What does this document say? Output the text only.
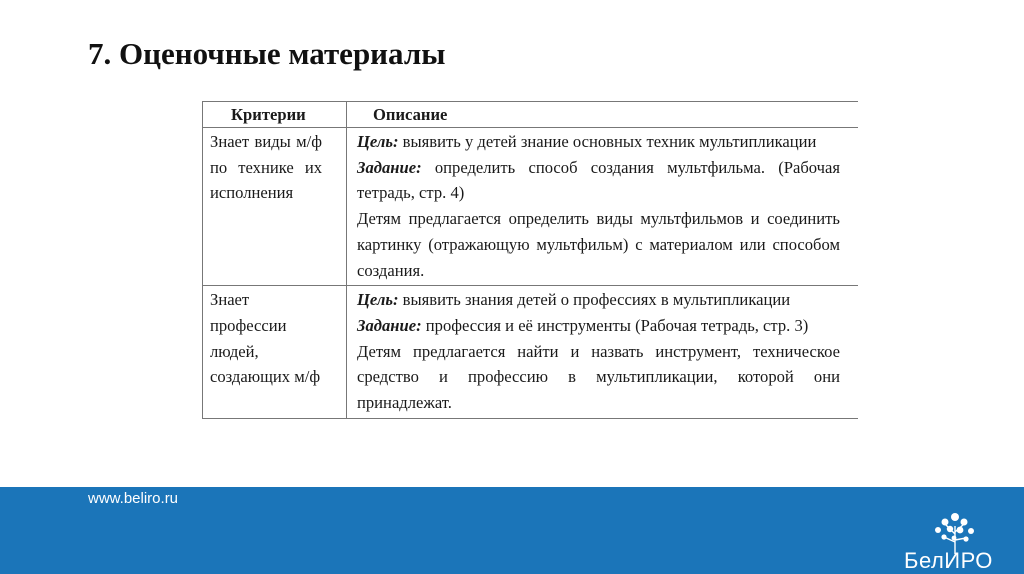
7. Оценочные материалы
Критерии	Описание

Знает виды м/ф по технике их исполнения	Цель: выявить у детей знание основных техник мультипликации
Задание: определить способ создания мультфильма. (Рабочая тетрадь, стр. 4)
Детям предлагается определить виды мультфильмов и соединить картинку (отражающую мультфильм) с материалом или способом создания.

Знает профессии людей, создающих м/ф	Цель: выявить знания детей о профессиях в мультипликации
Задание: профессия и её инструменты (Рабочая тетрадь, стр. 3)
Детям предлагается найти и назвать инструмент, техническое средство и профессию в мультипликации, которой они принадлежат.
www.beliro.ru
БелИРО
